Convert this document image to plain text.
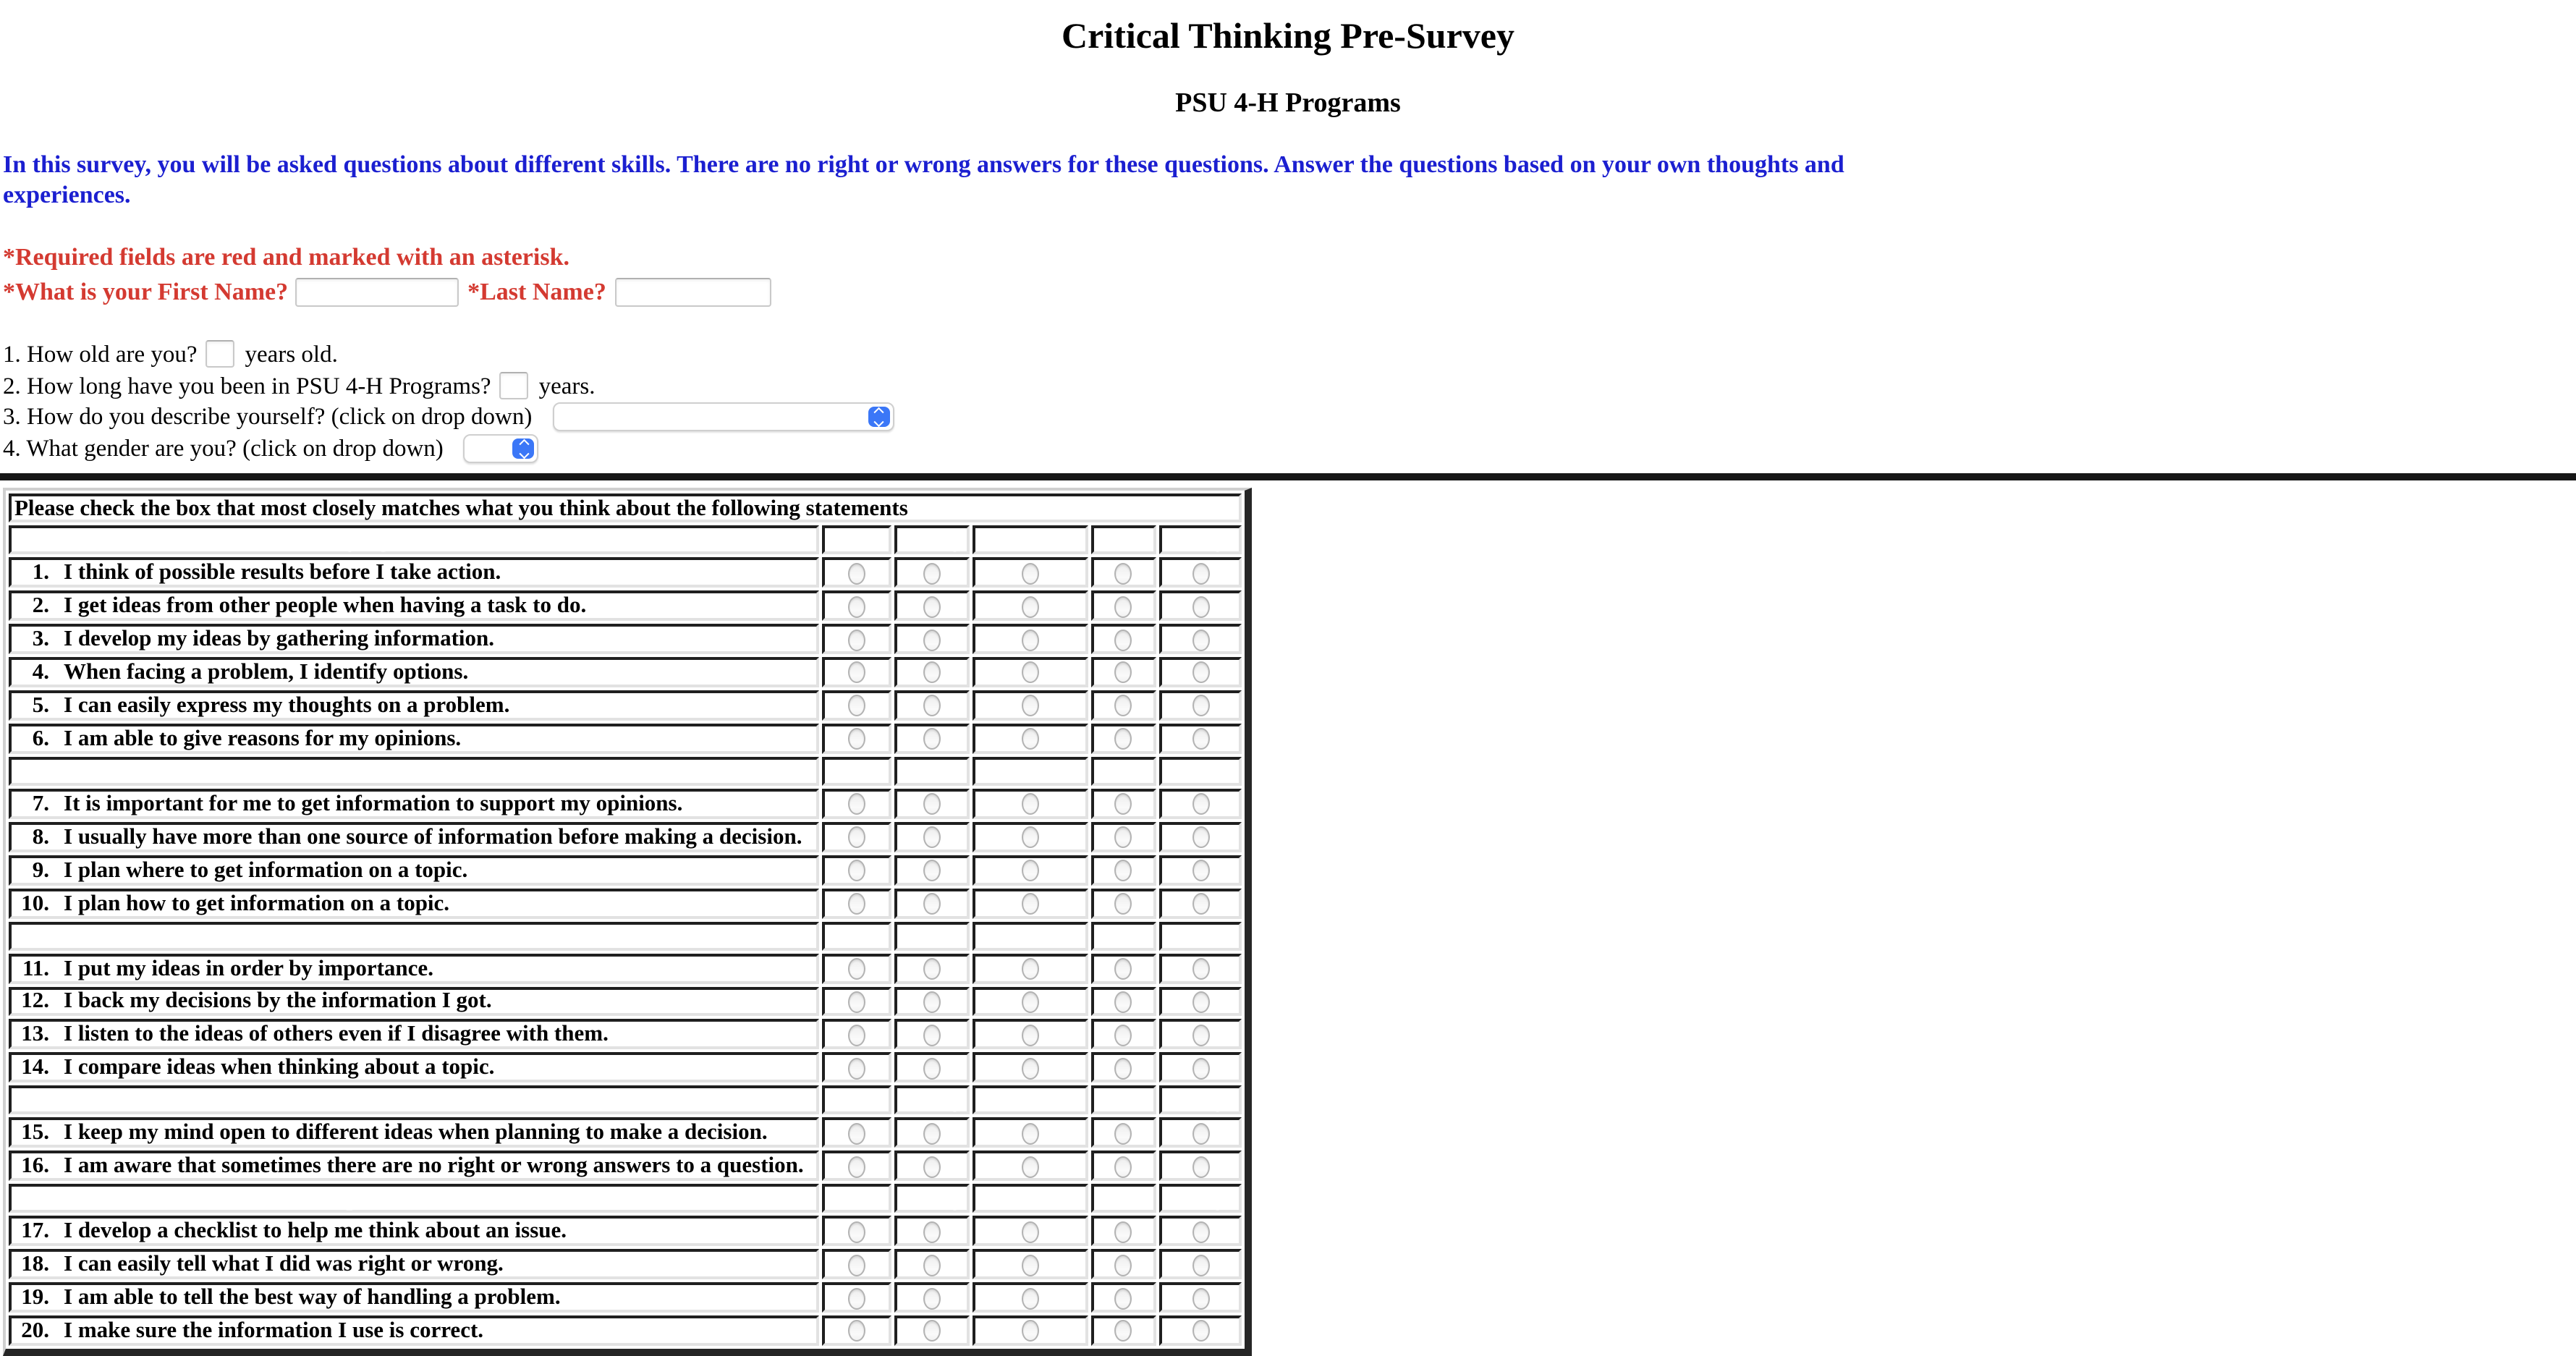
Critical Thinking Pre-Survey
PSU 4-H Programs
In this survey, you will be asked questions about different skills. There are no right or wrong answers for these questions. Answer the questions based on your own thoughts and experiences.
*Required fields are red and marked with an asterisk.
*What is your First Name?	*Last Name?
1. How old are you?	years old.
2. How long have you been in PSU 4-H Programs?	years.
3. How do you describe yourself? (click on drop down)
4. What gender are you? (click on drop down)
Please check the box that most closely matches what you think about the following statements					
Identifying/Define Problem	Never	Rarely	Sometimes	Often	Always
1. I think of possible results before I take action.					
2. I get ideas from other people when having a task to do.					
3. I develop my ideas by gathering information.					
4. When facing a problem, I identify options.					
5. I can easily express my thoughts on a problem.					
6. I am able to give reasons for my opinions.					
Analyze Possible Causes or Assumptions	Never	Rarely	Sometimes	Often	Always
7. It is important for me to get information to support my opinions.					
8. I usually have more than one source of information before making a decision.					
9. I plan where to get information on a topic.					
10. I plan how to get information on a topic.					
Identify Possible Choices	Never	Rarely	Sometimes	Often	Always
11. I put my ideas in order by importance.					
12. I back my decisions by the information I got.					
13. I listen to the ideas of others even if I disagree with them.					
14. I compare ideas when thinking about a topic.					
Select Best Solution	Never	Rarely	Sometimes	Often	Always
15. I keep my mind open to different ideas when planning to make a decision.					
16. I am aware that sometimes there are no right or wrong answers to a question.					
Implement Solution	Never	Rarely	Sometimes	Often	Always
17. I develop a checklist to help me think about an issue.					
18. I can easily tell what I did was right or wrong.					
19. I am able to tell the best way of handling a problem.					
20. I make sure the information I use is correct.					
